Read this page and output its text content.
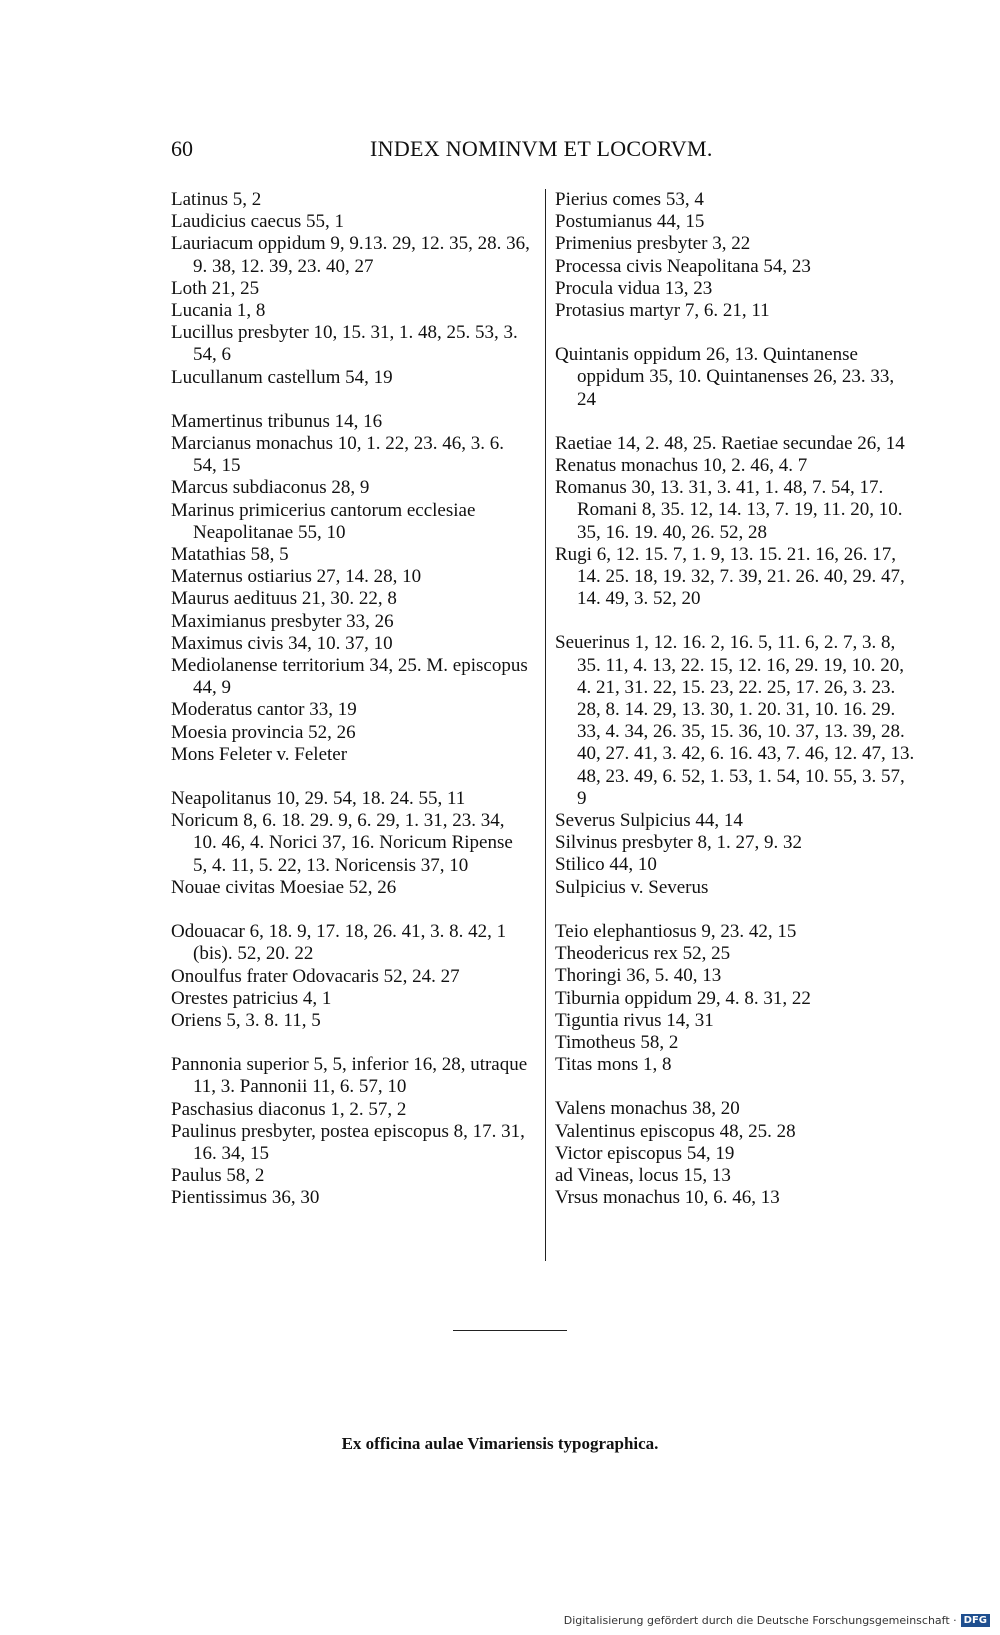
60	INDEX NOMINVM ET LOCORVM.
Latinus 5, 2
Laudicius caecus 55, 1
Lauriacum oppidum 9, 9.13. 29, 12. 35, 28. 36, 9. 38, 12. 39, 23. 40, 27
Loth 21, 25
Lucania 1, 8
Lucillus presbyter 10, 15. 31, 1. 48, 25. 53, 3. 54, 6
Lucullanum castellum 54, 19
Mamertinus tribunus 14, 16
Marcianus monachus 10, 1. 22, 23. 46, 3. 6. 54, 15
Marcus subdiaconus 28, 9
Marinus primicerius cantorum ecclesiae Neapolitanae 55, 10
Matathias 58, 5
Maternus ostiarius 27, 14. 28, 10
Maurus aedituus 21, 30. 22, 8
Maximianus presbyter 33, 26
Maximus civis 34, 10. 37, 10
Mediolanense territorium 34, 25. M. episcopus 44, 9
Moderatus cantor 33, 19
Moesia provincia 52, 26
Mons Feleter v. Feleter
Neapolitanus 10, 29. 54, 18. 24. 55, 11
Noricum 8, 6. 18. 29. 9, 6. 29, 1. 31, 23. 34, 10. 46, 4. Norici 37, 16. Noricum Ripense 5, 4. 11, 5. 22, 13. Noricensis 37, 10
Nouae civitas Moesiae 52, 26
Odouacar 6, 18. 9, 17. 18, 26. 41, 3. 8. 42, 1 (bis). 52, 20. 22
Onoulfus frater Odovacaris 52, 24. 27
Orestes patricius 4, 1
Oriens 5, 3. 8. 11, 5
Pannonia superior 5, 5, inferior 16, 28, utraque 11, 3. Pannonii 11, 6. 57, 10
Paschasius diaconus 1, 2. 57, 2
Paulinus presbyter, postea episcopus 8, 17. 31, 16. 34, 15
Paulus 58, 2
Pientissimus 36, 30
Pierius comes 53, 4
Postumianus 44, 15
Primenius presbyter 3, 22
Processa civis Neapolitana 54, 23
Procula vidua 13, 23
Protasius martyr 7, 6. 21, 11
Quintanis oppidum 26, 13. Quintanense oppidum 35, 10. Quintanenses 26, 23. 33, 24
Raetiae 14, 2. 48, 25. Raetiae secundae 26, 14
Renatus monachus 10, 2. 46, 4. 7
Romanus 30, 13. 31, 3. 41, 1. 48, 7. 54, 17. Romani 8, 35. 12, 14. 13, 7. 19, 11. 20, 10. 35, 16. 19. 40, 26. 52, 28
Rugi 6, 12. 15. 7, 1. 9, 13. 15. 21. 16, 26. 17, 14. 25. 18, 19. 32, 7. 39, 21. 26. 40, 29. 47, 14. 49, 3. 52, 20
Seuerinus 1, 12. 16. 2, 16. 5, 11. 6, 2. 7, 3. 8, 35. 11, 4. 13, 22. 15, 12. 16, 29. 19, 10. 20, 4. 21, 31. 22, 15. 23, 22. 25, 17. 26, 3. 23. 28, 8. 14. 29, 13. 30, 1. 20. 31, 10. 16. 29. 33, 4. 34, 26. 35, 15. 36, 10. 37, 13. 39, 28. 40, 27. 41, 3. 42, 6. 16. 43, 7. 46, 12. 47, 13. 48, 23. 49, 6. 52, 1. 53, 1. 54, 10. 55, 3. 57, 9
Severus Sulpicius 44, 14
Silvinus presbyter 8, 1. 27, 9. 32
Stilico 44, 10
Sulpicius v. Severus
Teio elephantiosus 9, 23. 42, 15
Theodericus rex 52, 25
Thoringi 36, 5. 40, 13
Tiburnia oppidum 29, 4. 8. 31, 22
Tiguntia rivus 14, 31
Timotheus 58, 2
Titas mons 1, 8
Valens monachus 38, 20
Valentinus episcopus 48, 25. 28
Victor episcopus 54, 19
ad Vineas, locus 15, 13
Vrsus monachus 10, 6. 46, 13
Ex officina aulae Vimariensis typographica.
Digitalisierung gefördert durch die Deutsche Forschungsgemeinschaft · DFG
